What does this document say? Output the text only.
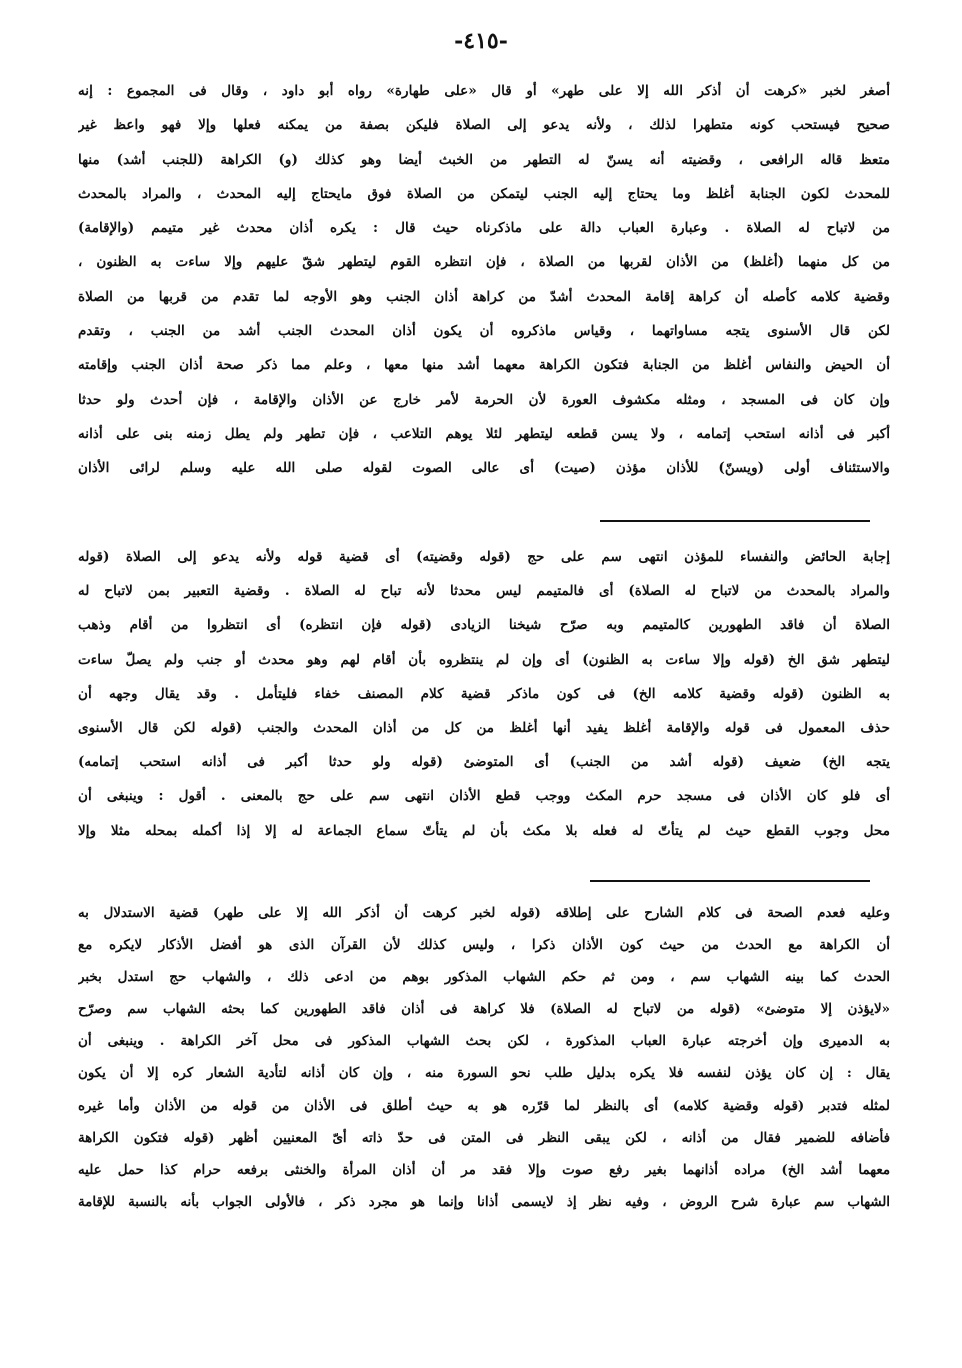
-٤١٥-

أصغر لخبر «كرهت أن أذكر الله إلا على طهر» أو قال «على طهارة» رواه أبو داود ، وقال فى المجموع : إنه

صحيح فيستحب كونه متطهرا لذلك ، ولأنه يدعو إلى الصلاة فليكن بصفة من يمكنه فعلها وإلا فهو واعظ غير

متعظ قاله الرافعى ، وقضيته أنه يسنّ له التطهر من الخبث أيضا وهو كذلك (و) الكراهة (للجنب أشد) منها

للمحدث لكون الجنابة أغلظ وما يحتاج إليه الجنب ليتمكن من الصلاة فوق مايحتاج إليه المحدث ، والمراد بالمحدث

من لاتباح له الصلاة . وعبارة العباب دالة على ماذكرناه حيث قال : يكره أذان محدث غير متيمم (والإقامة)

من كل منهما (أغلظ) من الأذان لقربها من الصلاة ، فإن انتظره القوم ليتطهر شقّ عليهم وإلا ساءت به الظنون ،

وقضية كلامه كأصله أن كراهة إقامة المحدث أشدّ من كراهة أذان الجنب وهو الأوجه لما تقدم من قربها من الصلاة

لكن قال الأسنوى يتجه مساواتهما ، وقياس ماذكروه أن يكون أذان المحدث الجنب أشد من الجنب ، وتقدم

أن الحيض والنفاس أغلظ من الجنابة فتكون الكراهة معهما أشد منها معها ، وعلم مما ذكر صحة أذان الجنب وإقامته

وإن كان فى المسجد ، ومثله مكشوف العورة لأن الحرمة لأمر خارج عن الأذان والإقامة ، فإن أحدث ولو حدثا

أكبر فى أذانه استحب إتمامه ، ولا يسن قطعه ليتطهر لئلا يوهم التلاعب ، فإن تطهر ولم يطل زمنه بنى على أذانه

والاستئناف أولى (ويسنّ) للأذان مؤذن (صيت) أى عالى الصوت لقوله صلى الله عليه وسلم لرائى الأذان

إجابة الحائض والنفساء للمؤذن انتهى سم على حج (قوله وقضيته) أى قضية قوله ولأنه يدعو إلى الصلاة (قوله

والمراد بالمحدث من لاتباح له الصلاة) أى فالمتيمم ليس محدثا لأنه تباح له الصلاة . وقضية التعبير بمن لاتباح له

الصلاة أن فاقد الطهورين كالمتيمم وبه صرّح شيخنا الزيادى (قوله فإن انتظره) أى انتظروا من أقام وذهب

ليتطهر شق الخ (قوله وإلا ساءت به الظنون) أى وإن لم ينتظروه بأن أقام لهم وهو محدث أو جنب ولم يصلّ ساءت

به الظنون (قوله وقضية كلامه الخ) فى كون ماذكر قضية كلام المصنف خفاء فليتأمل . وقد يقال وجهه أن

حذف المعمول فى قوله والإقامة أغلظ يفيد أنها أغلظ من كل من أذان المحدث والجنب (قوله لكن قال الأسنوى

يتجه الخ) ضعيف (قوله أشد من الجنب) أى المتوضئ (قوله ولو حدثا أكبر فى أذانه استحب إتمامه)

أى فلو كان الأذان فى مسجد حرم المكث ووجب قطع الأذان انتهى سم على حج بالمعنى . أقول : وينبغى أن

محل وجوب القطع حيث لم يتأتّ له فعله بلا مكث بأن لم يتأتّ سماع الجماعة له إلا إذا أكمله بمحله مثلا وإلا

وعليه فعدم الصحة فى كلام الشارح على إطلاقه (قوله لخبر كرهت أن أذكر الله إلا على طهر) قضية الاستدلال به

أن الكراهة مع الحدث من حيث كون الأذان ذكرا ، وليس كذلك لأن القرآن الذى هو أفضل الأذكار لايكره مع

الحدث كما بينه الشهاب سم ، ومن ثم حكم الشهاب المذكور بوهم من ادعى ذلك ، والشهاب حج استدل بخبر

«لايؤذن إلا متوضئ» (قوله من لاتباح له الصلاة) فلا كراهة فى أذان فاقد الطهورين كما بحثه الشهاب سم وصرّح

به الدميرى وإن أخرجته عبارة العباب المذكورة ، لكن بحث الشهاب المذكور فى محل آخر الكراهة . وينبغى أن

يقال : إن كان يؤذن لنفسه فلا يكره بدليل طلب نحو السورة منه ، وإن كان أذانه لتأدية الشعار كره إلا أن يكون

لمثله فتدبر (قوله وقضية كلامه) أى بالنظر لما قرّره هو به حيث أطلق فى الأذان من قوله من الأذان وأما غيره

فأضافه للضمير فقال من أذانه ، لكن يبقى النظر فى المتن فى حدّ ذاته أىّ المعنيين أظهر (قوله فتكون الكراهة

معهما أشد الخ) مراده أذانهما بغير رفع صوت وإلا فقد مر أن أذان المرأة والخنثى برفعه حرام كذا حمل عليه

الشهاب سم عبارة شرح الروض ، وفيه نظر إذ لايسمى أذانا وإنما هو مجرد ذكر ، فالأولى الجواب بأنه بالنسبة للإقامة
